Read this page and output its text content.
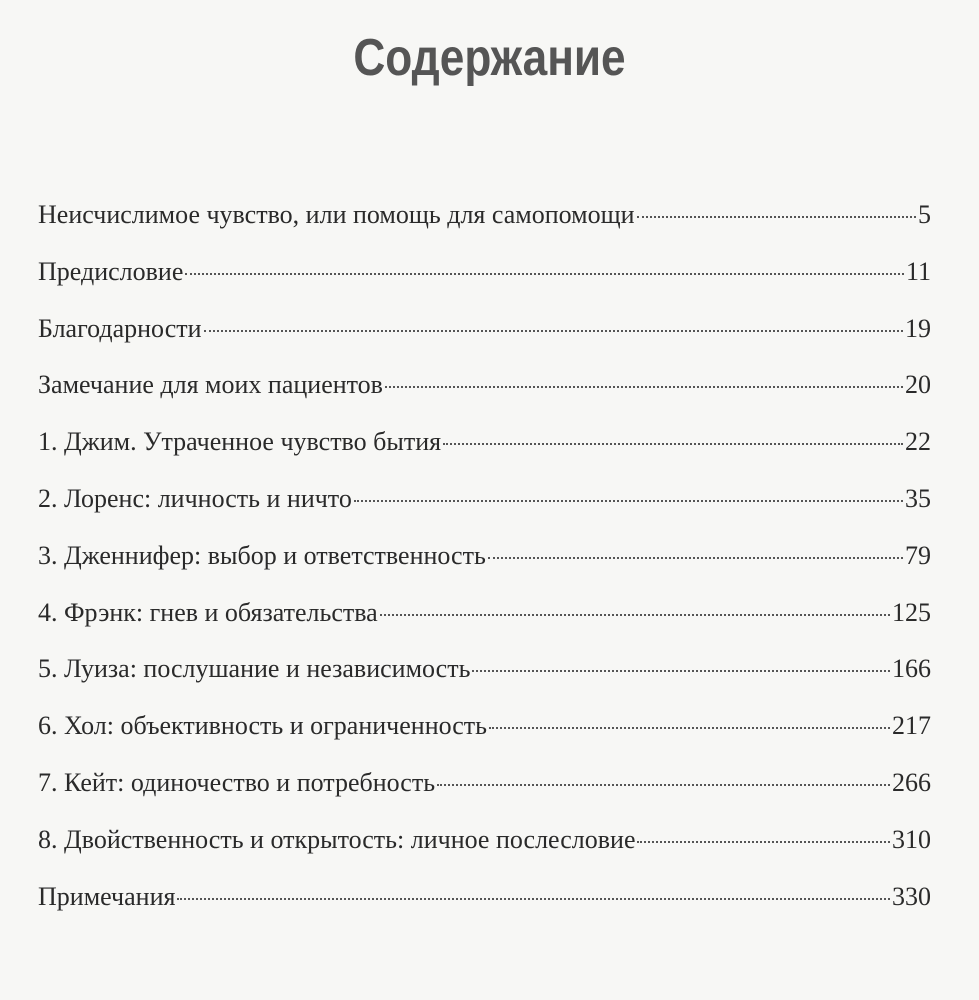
Содержание
Неисчислимое чувство, или помощь для самопомощи	5
Предисловие	11
Благодарности	19
Замечание для моих пациентов	20
1. Джим. Утраченное чувство бытия	22
2. Лоренс: личность и ничто	35
3. Дженнифер: выбор и ответственность	79
4. Фрэнк: гнев и обязательства	125
5. Луиза: послушание и независимость	166
6. Хол: объективность и ограниченность	217
7. Кейт: одиночество и потребность	266
8. Двойственность и открытость: личное послесловие	310
Примечания	330
